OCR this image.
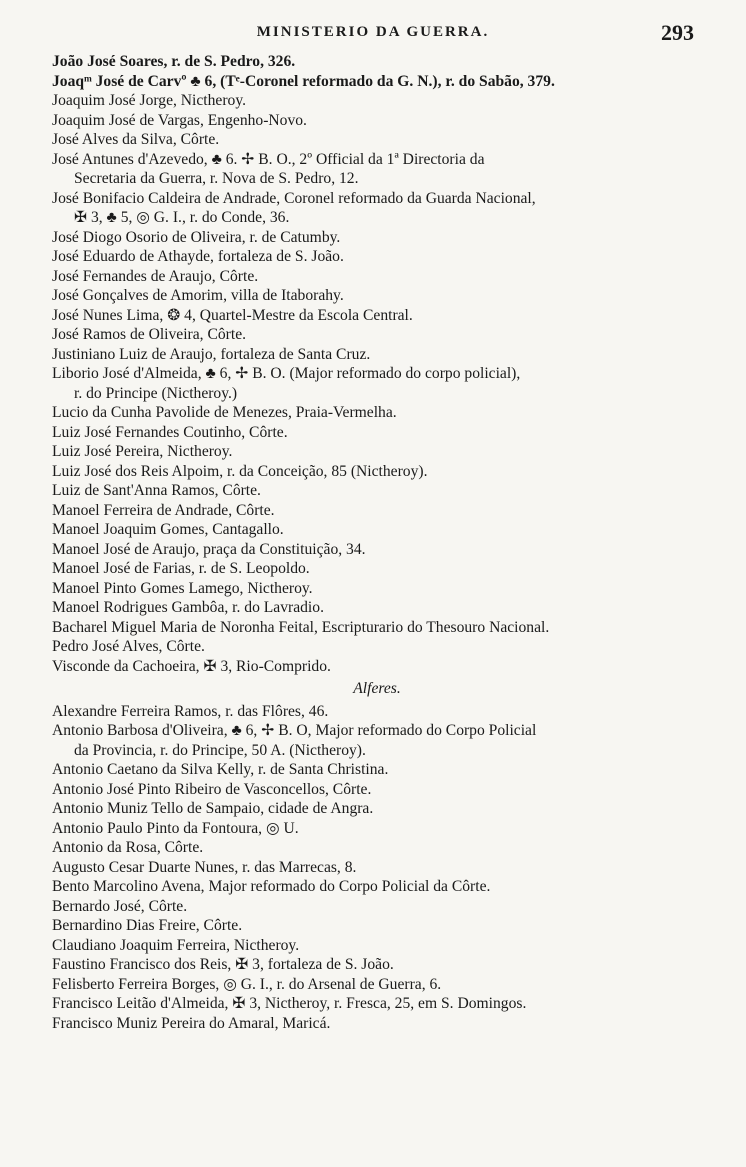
MINISTERIO DA GUERRA.	293
João José Soares, r. de S. Pedro, 326.
Joaqᵐ José de Carvº ♣ 6, (Tᵉ-Coronel reformado da G. N.), r. do Sabão, 379.
Joaquim José Jorge, Nictheroy.
Joaquim José de Vargas, Engenho-Novo.
José Alves da Silva, Côrte.
José Antunes d'Azevedo, ♣ 6. ✢ B. O., 2º Official da 1ª Directoria da
Secretaria da Guerra, r. Nova de S. Pedro, 12.
José Bonifacio Caldeira de Andrade, Coronel reformado da Guarda Nacional,
✠ 3, ♣ 5, ◎ G. I., r. do Conde, 36.
José Diogo Osorio de Oliveira, r. de Catumby.
José Eduardo de Athayde, fortaleza de S. João.
José Fernandes de Araujo, Côrte.
José Gonçalves de Amorim, villa de Itaborahy.
José Nunes Lima, ❂ 4, Quartel-Mestre da Escola Central.
José Ramos de Oliveira, Côrte.
Justiniano Luiz de Araujo, fortaleza de Santa Cruz.
Liborio José d'Almeida, ♣ 6, ✢ B. O. (Major reformado do corpo policial),
r. do Principe (Nictheroy.)
Lucio da Cunha Pavolide de Menezes, Praia-Vermelha.
Luiz José Fernandes Coutinho, Côrte.
Luiz José Pereira, Nictheroy.
Luiz José dos Reis Alpoim, r. da Conceição, 85 (Nictheroy).
Luiz de Sant'Anna Ramos, Côrte.
Manoel Ferreira de Andrade, Côrte.
Manoel Joaquim Gomes, Cantagallo.
Manoel José de Araujo, praça da Constituição, 34.
Manoel José de Farias, r. de S. Leopoldo.
Manoel Pinto Gomes Lamego, Nictheroy.
Manoel Rodrigues Gambôa, r. do Lavradio.
Bacharel Miguel Maria de Noronha Feital, Escripturario do Thesouro Nacional.
Pedro José Alves, Côrte.
Visconde da Cachoeira, ✠ 3, Rio-Comprido.
Alferes.
Alexandre Ferreira Ramos, r. das Flôres, 46.
Antonio Barbosa d'Oliveira, ♣ 6, ✢ B. O, Major reformado do Corpo Policial
da Provincia, r. do Principe, 50 A. (Nictheroy).
Antonio Caetano da Silva Kelly, r. de Santa Christina.
Antonio José Pinto Ribeiro de Vasconcellos, Côrte.
Antonio Muniz Tello de Sampaio, cidade de Angra.
Antonio Paulo Pinto da Fontoura, ◎ U.
Antonio da Rosa, Côrte.
Augusto Cesar Duarte Nunes, r. das Marrecas, 8.
Bento Marcolino Avena, Major reformado do Corpo Policial da Côrte.
Bernardo José, Côrte.
Bernardino Dias Freire, Côrte.
Claudiano Joaquim Ferreira, Nictheroy.
Faustino Francisco dos Reis, ✠ 3, fortaleza de S. João.
Felisberto Ferreira Borges, ◎ G. I., r. do Arsenal de Guerra, 6.
Francisco Leitão d'Almeida, ✠ 3, Nictheroy, r. Fresca, 25, em S. Domingos.
Francisco Muniz Pereira do Amaral, Maricá.
